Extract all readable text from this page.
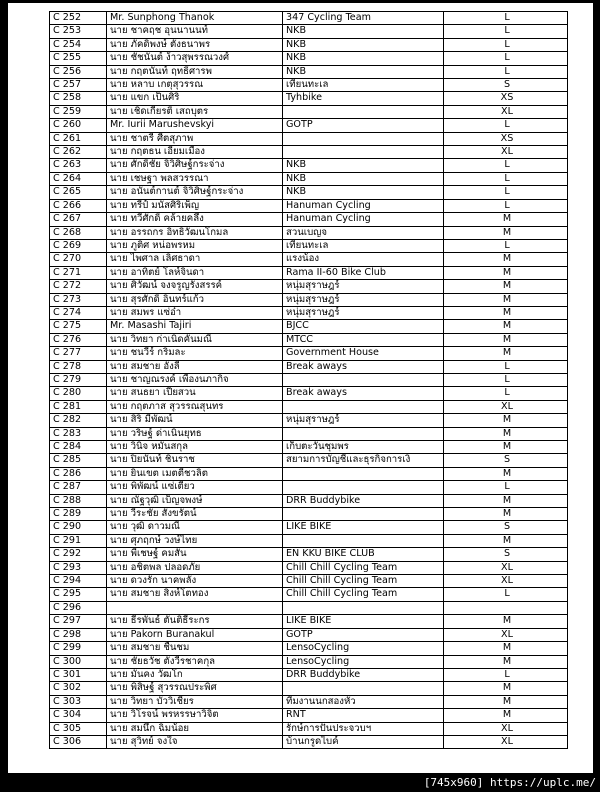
C 252	Mr. Sunphong Thanok	347 Cycling Team	L
C 253	นาย ชาคฤช อุนนานนท์	NKB	L
C 254	นาย ภัคดิพงษ์ ตั้งธนาพร	NKB	L
C 255	นาย ชัชนันต์ ง้าวสุพรรณวงศ์	NKB	L
C 256	นาย กฤตนันท์ ฤทธิ์ศารพ	NKB	L
C 257	นาย หลาบ เกตุสุวรรณ	เทียนทะเล	S
C 258	นาย แขก เป็นศิริ	Tyhbike	XS
C 259	นาย เชิดเกียรติ์ เสถบุตร		XL
C 260	Mr. Iurii Marushevskyi	GOTP	L
C 261	นาย ชาตรี ศีตสุภาพ		XS
C 262	นาย กฤตธน เอี่ยมเมือง		XL
C 263	นาย ศักดิ์ชัย จิวิศิษฐ์กระจ่าง	NKB	L
C 264	นาย เชษฐา พลสวรรณา	NKB	L
C 265	นาย อนันต์กานต์ จิวิศิษฐ์กระจ่าง	NKB	L
C 266	นาย ทรีป์ มนัสศิริเพ็ญ	Hanuman Cycling	L
C 267	นาย ทวีศักดิ์ คล้ายคลึง	Hanuman Cycling	M
C 268	นาย อรรถกร อิทธิวัฒนโกมล	สวนเบญจ	M
C 269	นาย ภูติศ หน่อพรหม	เทียนทะเล	L
C 270	นาย ไพศาล เลิศธาดา	แรงน้อง	M
C 271	นาย อาทิตย์ โลห์จินดา	Rama II-60 Bike Club	M
C 272	นาย ศิวัฒน์ จงจรูญรังสรรค์	หนุ่มสุราษฎร์	M
C 273	นาย สุรศักดิ์ อินทร์แก้ว	หนุ่มสุราษฎร์	M
C 274	นาย สมพร แซ่อ๋า	หนุ่มสุราษฎร์	M
C 275	Mr. Masashi Tajiri	BJCC	M
C 276	นาย วิทยา ก่าเนิดคันมณี	MTCC	M
C 277	นาย ชนวีร์ กริมละ	Government House	M
C 278	นาย สมชาย อั้งลี้	Break aways	L
C 279	นาย ชาญณรงค์ เพื่องนภากิจ		L
C 280	นาย สนธยา เปียสวน	Break aways	L
C 281	นาย กฤตภาส สุวรรณสุนทร		XL
C 282	นาย สิริ มีพัฒน์	หนุ่มสุราษฎร์	M
C 283	นาย วริษฐ์ ด่าเนินยุทธ		M
C 284	นาย วินิจ หมั่นสกุล	เก็บตะวันชุมพร	M
C 285	นาย ปิยนันท์ ชินราช	สยามการบัญชีและธุรกิจการเงิ	S
C 286	นาย ยินเขต เมตตีชวลิต		M
C 287	นาย พิพัฒน์ แซ่เตียว		L
C 288	นาย ณัฐวุฒิ เบ็ญจพงษ์	DRR Buddybike	M
C 289	นาย วีระชัย สังขรัตน์		M
C 290	นาย วุฒิ ดาวมณี	LIKE BIKE	S
C 291	นาย ศุภฤกษ์ วงษ์ไทย		M
C 292	นาย พีเชษฐ์ คมสัน	EN KKU BIKE CLUB	S
C 293	นาย อชิตพล ปลอดภัย	Chill Chill Cycling Team	XL
C 294	นาย ดวงรัก นาคพลั่ง	Chill Chill Cycling Team	XL
C 295	นาย สมชาย สิงห์โตทอง	Chill Chill Cycling Team	L
C 296			
C 297	นาย ธีรพันธ์ ตันติธีระกร	LIKE BIKE	M
C 298	นาย Pakorn Buranakul	GOTP	XL
C 299	นาย สมชาย ชื่นชม	LensoCycling	M
C 300	นาย ชัยธวัช ตั้งวีรชาคกุล	LensoCycling	M
C 301	นาย มั่นคง วัฒโก	DRR Buddybike	L
C 302	นาย พิสิษฐ์ สุวรรณประพิศ		M
C 303	นาย วิทยา บัววิเชียร	ทีมงานนกสองหัว	M
C 304	นาย วิโรจน์ พรหรรษาวิจิต	RNT	M
C 305	นาย สมนึก ฉิมน้อย	รักษ์การปั่นประจวบฯ	XL
C 306	นาย สุวิทย์ จงใจ	บ้านกรูดไบค์	XL
[745x960] https://uplc.me/
